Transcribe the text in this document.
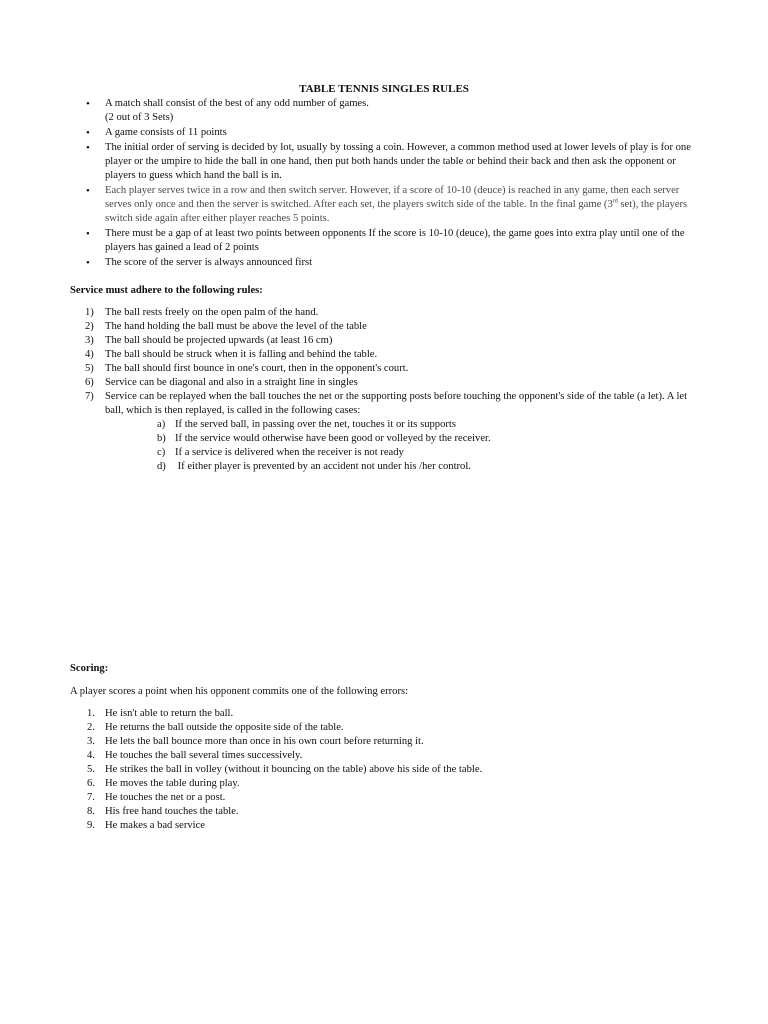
TABLE TENNIS SINGLES RULES
• A match shall consist of the best of any odd number of games.
(2 out of 3 Sets)
• A game consists of 11 points
• The initial order of serving is decided by lot, usually by tossing a coin. However, a common method used at lower levels of play is for one player or the umpire to hide the ball in one hand, then put both hands under the table or behind their back and then ask the opponent or players to guess which hand the ball is in.
• Each player serves twice in a row and then switch server. However, if a score of 10-10 (deuce) is reached in any game, then each server serves only once and then the server is switched. After each set, the players switch side of the table. In the final game (3rd set), the players switch side again after either player reaches 5 points.
• There must be a gap of at least two points between opponents If the score is 10-10 (deuce), the game goes into extra play until one of the players has gained a lead of 2 points
• The score of the server is always announced first
Service must adhere to the following rules:
1) The ball rests freely on the open palm of the hand.
2) The hand holding the ball must be above the level of the table
3) The ball should be projected upwards (at least 16 cm)
4) The ball should be struck when it is falling and behind the table.
5) The ball should first bounce in one's court, then in the opponent's court.
6) Service can be diagonal and also in a straight line in singles
7) Service can be replayed when the ball touches the net or the supporting posts before touching the opponent's side of the table (a let). A let ball, which is then replayed, is called in the following cases:
a) If the served ball, in passing over the net, touches it or its supports
b) If the service would otherwise have been good or volleyed by the receiver.
c) If a service is delivered when the receiver is not ready
d) If either player is prevented by an accident not under his /her control.
Scoring:

A player scores a point when his opponent commits one of the following errors:

1. He isn't able to return the ball.
2. He returns the ball outside the opposite side of the table.
3. He lets the ball bounce more than once in his own court before returning it.
4. He touches the ball several times successively.
5. He strikes the ball in volley (without it bouncing on the table) above his side of the table.
6. He moves the table during play.
7. He touches the net or a post.
8. His free hand touches the table.
9. He makes a bad service
